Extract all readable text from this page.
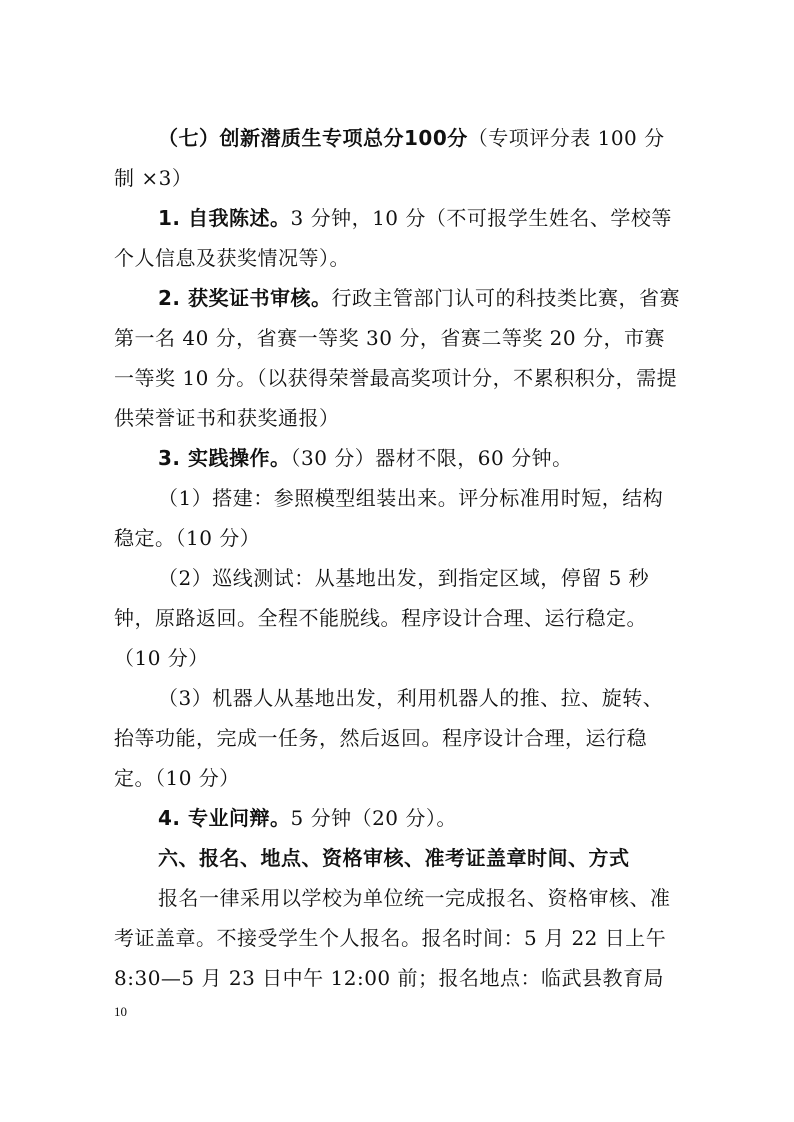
（七）创新潜质生专项总分100分（专项评分表 100 分制 ×3）

1. 自我陈述。3 分钟，10 分（不可报学生姓名、学校等个人信息及获奖情况等）。

2. 获奖证书审核。行政主管部门认可的科技类比赛，省赛第一名 40 分，省赛一等奖 30 分，省赛二等奖 20 分，市赛一等奖 10 分。（以获得荣誉最高奖项计分，不累积积分，需提供荣誉证书和获奖通报）

3. 实践操作。（30 分）器材不限，60 分钟。

（1）搭建：参照模型组装出来。评分标准用时短，结构稳定。（10 分）

（2）巡线测试：从基地出发，到指定区域，停留 5 秒钟，原路返回。全程不能脱线。程序设计合理、运行稳定。（10 分）

（3）机器人从基地出发，利用机器人的推、拉、旋转、抬等功能，完成一任务，然后返回。程序设计合理，运行稳定。（10 分）

4. 专业问辩。5 分钟（20 分）。

六、报名、地点、资格审核、准考证盖章时间、方式

报名一律采用以学校为单位统一完成报名、资格审核、准考证盖章。不接受学生个人报名。报名时间：5 月 22 日上午 8:30—5 月 23 日中午 12:00 前；报名地点：临武县教育局

10
